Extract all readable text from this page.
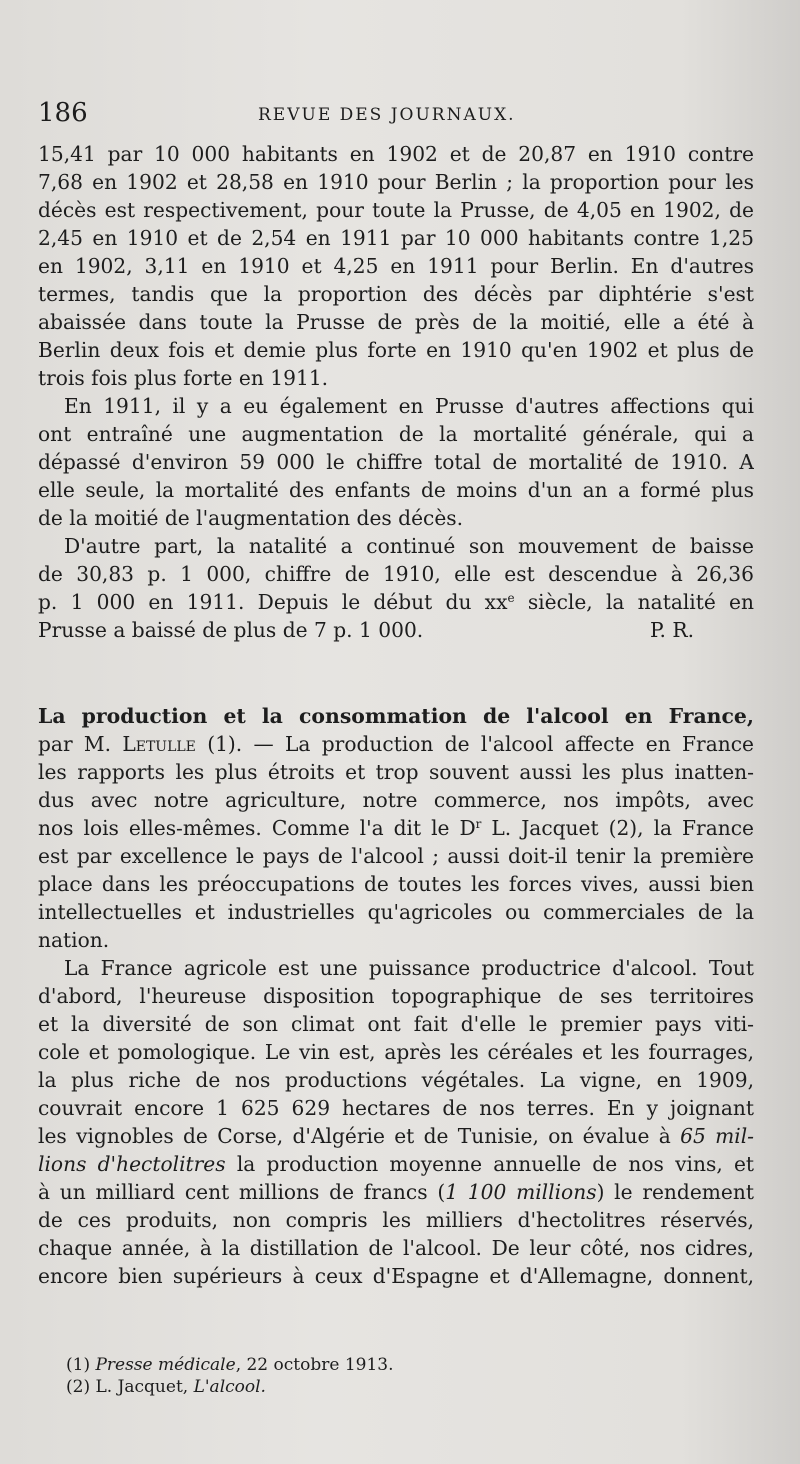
186	REVUE DES JOURNAUX.
15,41 par 10 000 habitants en 1902 et de 20,87 en 1910 contre
7,68 en 1902 et 28,58 en 1910 pour Berlin ; la proportion pour les
décès est respectivement, pour toute la Prusse, de 4,05 en 1902, de
2,45 en 1910 et de 2,54 en 1911 par 10 000 habitants contre 1,25
en 1902, 3,11 en 1910 et 4,25 en 1911 pour Berlin. En d'autres
termes, tandis que la proportion des décès par diphtérie s'est
abaissée dans toute la Prusse de près de la moitié, elle a été à
Berlin deux fois et demie plus forte en 1910 qu'en 1902 et plus de
trois fois plus forte en 1911.
En 1911, il y a eu également en Prusse d'autres affections qui
ont entraîné une augmentation de la mortalité générale, qui a
dépassé d'environ 59 000 le chiffre total de mortalité de 1910. A
elle seule, la mortalité des enfants de moins d'un an a formé plus
de la moitié de l'augmentation des décès.
D'autre part, la natalité a continué son mouvement de baisse
de 30,83 p. 1 000, chiffre de 1910, elle est descendue à 26,36
p. 1 000 en 1911. Depuis le début du $xx^e$ siècle, la natalité en
Prusse a baissé de plus de 7 p. 1 000.	P. R.
La production et la consommation de l'alcool en France,
par M. Letulle (1). — La production de l'alcool affecte en France
les rapports les plus étroits et trop souvent aussi les plus inatten-
dus avec notre agriculture, notre commerce, nos impôts, avec
nos lois elles-mêmes. Comme l'a dit le $D^r$ L. Jacquet (2), la France
est par excellence le pays de l'alcool ; aussi doit-il tenir la première
place dans les préoccupations de toutes les forces vives, aussi bien
intellectuelles et industrielles qu'agricoles ou commerciales de la
nation.
La France agricole est une puissance productrice d'alcool. Tout
d'abord, l'heureuse disposition topographique de ses territoires
et la diversité de son climat ont fait d'elle le premier pays viti-
cole et pomologique. Le vin est, après les céréales et les fourrages,
la plus riche de nos productions végétales. La vigne, en 1909,
couvrait encore 1 625 629 hectares de nos terres. En y joignant
les vignobles de Corse, d'Algérie et de Tunisie, on évalue à 65 mil-
lions d'hectolitres la production moyenne annuelle de nos vins, et
à un milliard cent millions de francs (1 100 millions) le rendement
de ces produits, non compris les milliers d'hectolitres réservés,
chaque année, à la distillation de l'alcool. De leur côté, nos cidres,
encore bien supérieurs à ceux d'Espagne et d'Allemagne, donnent,
(1) Presse médicale, 22 octobre 1913.
(2) L. Jacquet, L'alcool.
